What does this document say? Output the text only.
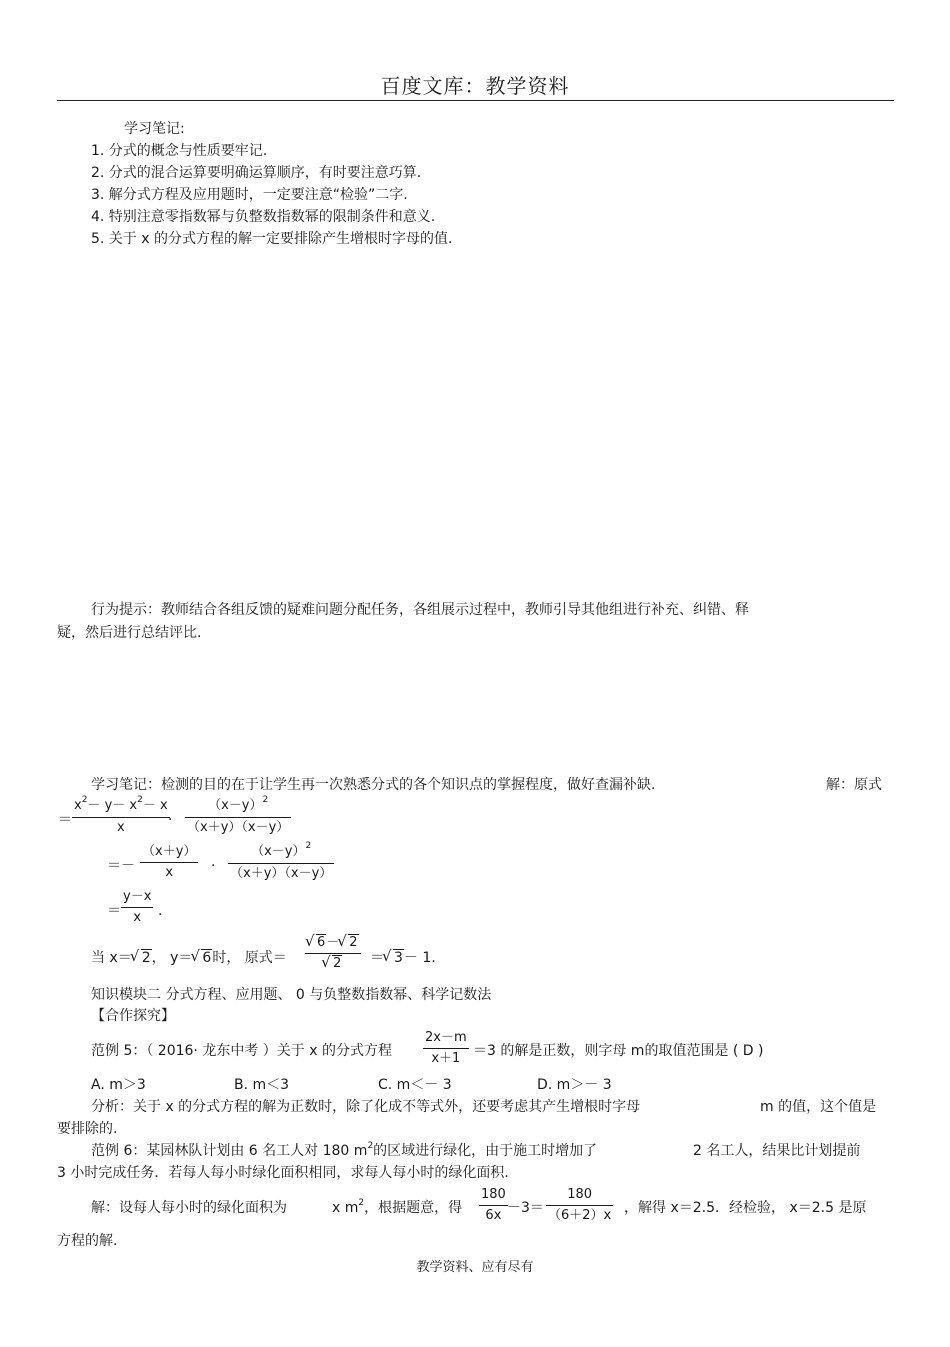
百度文库：教学资料
学习笔记:
1. 分式的概念与性质要牢记.
2. 分式的混合运算要明确运算顺序，有时要注意巧算.
3. 解分式方程及应用题时，一定要注意“检验”二字.
4. 特别注意零指数幂与负整数指数幂的限制条件和意义.
5. 关于 x 的分式方程的解一定要排除产生增根时字母的值.
行为提示：教师结合各组反馈的疑难问题分配任务，各组展示过程中，教师引导其他组进行补充、纠错、释
疑，然后进行总结评比.
学习笔记：检测的目的在于让学生再一次熟悉分式的各个知识点的掌握程度，做好查漏补缺.	解：原式
＝
$x^2- y- x^2- x$
x	·
$(x-y)^2$
（x＋y）（x－y）
＝－
（x＋y）
x	·
$(x-y)^2$
（x＋y）（x－y）
＝
y－x
x	.
当 x＝ √ 2， y＝ √ 6时， 原式＝
√ 6－ √ 2
√ 2	＝ √ 3－ 1.
知识模块二 分式方程、应用题、 0 与负整数指数幂、科学记数法
【合作探究】
范例 5：（ 2016· 龙东中考 ）关于 x 的分式方程
2x－m
x＋1 ＝3 的解是正数，则字母 m的取值范围是 ( D )
A. m＞3	B. m＜3	C. m＜－ 3	D. m＞－ 3
分析：关于 x 的分式方程的解为正数时，除了化成不等式外，还要考虑其产生增根时字母	m 的值，这个值是
要排除的.
范例 6：某园林队计划由 6 名工人对 180 $m^2$的区域进行绿化，由于施工时增加了	2 名工人，结果比计划提前
3 小时完成任务．若每人每小时绿化面积相同，求每人每小时的绿化面积.
解：设每人每小时的绿化面积为	x $m^2$，根据题意，得
180
6x －3＝
180
（6＋2）x ，解得 x＝2.5．经检验， x＝2.5 是原
方程的解.
教学资料、应有尽有
